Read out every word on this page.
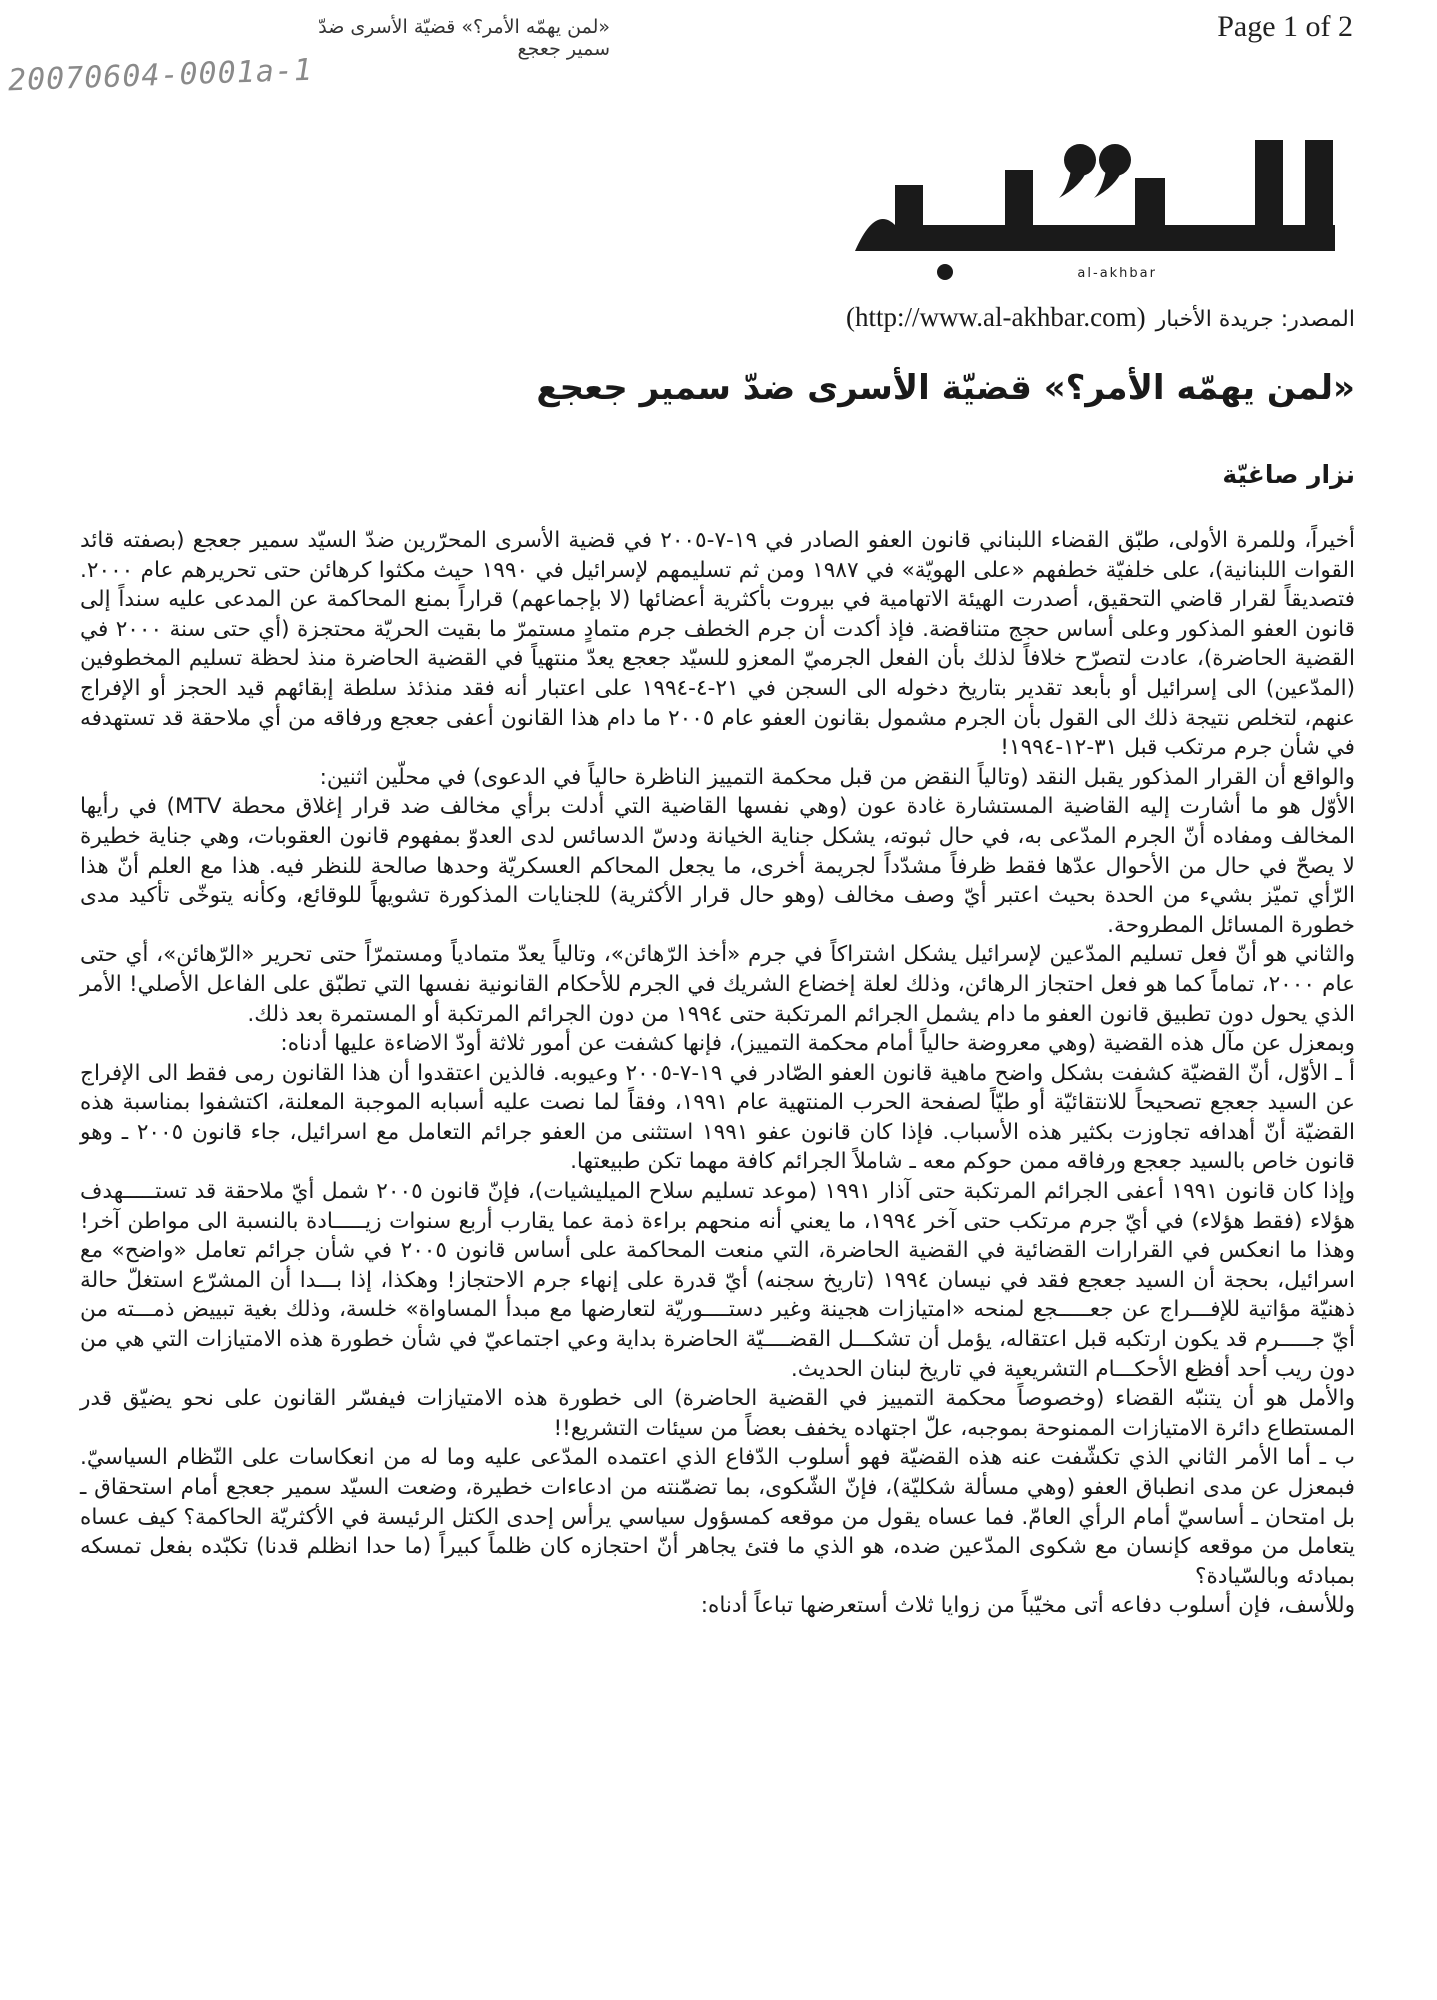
«لمن يهمّه الأمر؟» قضيّة الأسرى ضدّ سمير جعجع
Page 1 of 2
20070604-0001a-1
al-akhbar
المصدر: جريدة الأخبار
(http://www.al-akhbar.com)
«لمن يهمّه الأمر؟» قضيّة الأسرى ضدّ سمير جعجع
نزار صاغيّة

أخيراً، وللمرة الأولى، طبّق القضاء اللبناني قانون العفو الصادر في ١٩-٧-٢٠٠٥ في قضية الأسرى المحرّرين ضدّ السيّد سمير جعجع (بصفته قائد القوات اللبنانية)، على خلفيّة خطفهم «على الهويّة» في ١٩٨٧ ومن ثم تسليمهم لإسرائيل في ١٩٩٠ حيث مكثوا كرهائن حتى تحريرهم عام ٢٠٠٠. فتصديقاً لقرار قاضي التحقيق، أصدرت الهيئة الاتهامية في بيروت بأكثرية أعضائها (لا بإجماعهم) قراراً بمنع المحاكمة عن المدعى عليه سنداً إلى قانون العفو المذكور وعلى أساس حجج متناقضة. فإذ أكدت أن جرم الخطف جرم متمادٍ مستمرّ ما بقيت الحريّة محتجزة (أي حتى سنة ٢٠٠٠ في القضية الحاضرة)، عادت لتصرّح خلافاً لذلك بأن الفعل الجرميّ المعزو للسيّد جعجع يعدّ منتهياً في القضية الحاضرة منذ لحظة تسليم المخطوفين (المدّعين) الى إسرائيل أو بأبعد تقدير بتاريخ دخوله الى السجن في ٢١-٤-١٩٩٤ على اعتبار أنه فقد منذئذ سلطة إبقائهم قيد الحجز أو الإفراج عنهم، لتخلص نتيجة ذلك الى القول بأن الجرم مشمول بقانون العفو عام ٢٠٠٥ ما دام هذا القانون أعفى جعجع ورفاقه من أي ملاحقة قد تستهدفه في شأن جرم مرتكب قبل ٣١-١٢-١٩٩٤!

والواقع أن القرار المذكور يقبل النقد (وتالياً النقض من قبل محكمة التمييز الناظرة حالياً في الدعوى) في محلّين اثنين:

الأوّل هو ما أشارت إليه القاضية المستشارة غادة عون (وهي نفسها القاضية التي أدلت برأي مخالف ضد قرار إغلاق محطة MTV) في رأيها المخالف ومفاده أنّ الجرم المدّعى به، في حال ثبوته، يشكل جناية الخيانة ودسّ الدسائس لدى العدوّ بمفهوم قانون العقوبات، وهي جناية خطيرة لا يصحّ في حال من الأحوال عدّها فقط ظرفاً مشدّداً لجريمة أخرى، ما يجعل المحاكم العسكريّة وحدها صالحة للنظر فيه. هذا مع العلم أنّ هذا الرّأي تميّز بشيء من الحدة بحيث اعتبر أيّ وصف مخالف (وهو حال قرار الأكثرية) للجنايات المذكورة تشويهاً للوقائع، وكأنه يتوخّى تأكيد مدى خطورة المسائل المطروحة.

والثاني هو أنّ فعل تسليم المدّعين لإسرائيل يشكل اشتراكاً في جرم «أخذ الرّهائن»، وتالياً يعدّ متمادياً ومستمرّاً حتى تحرير «الرّهائن»، أي حتى عام ٢٠٠٠، تماماً كما هو فعل احتجاز الرهائن، وذلك لعلة إخضاع الشريك في الجرم للأحكام القانونية نفسها التي تطبّق على الفاعل الأصلي! الأمر الذي يحول دون تطبيق قانون العفو ما دام يشمل الجرائم المرتكبة حتى ١٩٩٤ من دون الجرائم المرتكبة أو المستمرة بعد ذلك.

وبمعزل عن مآل هذه القضية (وهي معروضة حالياً أمام محكمة التمييز)، فإنها كشفت عن أمور ثلاثة أودّ الاضاءة عليها أدناه:

أ ـ الأوّل، أنّ القضيّة كشفت بشكل واضح ماهية قانون العفو الصّادر في ١٩-٧-٢٠٠٥ وعيوبه. فالذين اعتقدوا أن هذا القانون رمى فقط الى الإفراج عن السيد جعجع تصحيحاً للانتقائيّة أو طيّاً لصفحة الحرب المنتهية عام ١٩٩١، وفقاً لما نصت عليه أسبابه الموجبة المعلنة، اكتشفوا بمناسبة هذه القضيّة أنّ أهدافه تجاوزت بكثير هذه الأسباب. فإذا كان قانون عفو ١٩٩١ استثنى من العفو جرائم التعامل مع اسرائيل، جاء قانون ٢٠٠٥ ـ وهو قانون خاص بالسيد جعجع ورفاقه ممن حوكم معه ـ شاملاً الجرائم كافة مهما تكن طبيعتها.

وإذا كان قانون ١٩٩١ أعفى الجرائم المرتكبة حتى آذار ١٩٩١ (موعد تسليم سلاح الميليشيات)، فإنّ قانون ٢٠٠٥ شمل أيّ ملاحقة قد تستـــــهدف هؤلاء (فقط هؤلاء) في أيّ جرم مرتكب حتى آخر ١٩٩٤، ما يعني أنه منحهم براءة ذمة عما يقارب أربع سنوات زيـــــادة بالنسبة الى مواطن آخر! وهذا ما انعكس في القرارات القضائية في القضية الحاضرة، التي منعت المحاكمة على أساس قانون ٢٠٠٥ في شأن جرائم تعامل «واضح» مع اسرائيل، بحجة أن السيد جعجع فقد في نيسان ١٩٩٤ (تاريخ سجنه) أيّ قدرة على إنهاء جرم الاحتجاز! وهكذا، إذا بـــدا أن المشرّع استغلّ حالة ذهنيّة مؤاتية للإفـــراج عن جعـــــجع لمنحه «امتيازات هجينة وغير دستــــوريّة لتعارضها مع مبدأ المساواة» خلسة، وذلك بغية تبييض ذمـــته من أيّ جـــــرم قد يكون ارتكبه قبل اعتقاله، يؤمل أن تشكـــل القضــــيّة الحاضرة بداية وعي اجتماعيّ في شأن خطورة هذه الامتيازات التي هي من دون ريب أحد أفظع الأحكـــام التشريعية في تاريخ لبنان الحديث.

والأمل هو أن يتنبّه القضاء (وخصوصاً محكمة التمييز في القضية الحاضرة) الى خطورة هذه الامتيازات فيفسّر القانون على نحو يضيّق قدر المستطاع دائرة الامتيازات الممنوحة بموجبه، علّ اجتهاده يخفف بعضاً من سيئات التشريع!!

ب ـ أما الأمر الثاني الذي تكشّفت عنه هذه القضيّة فهو أسلوب الدّفاع الذي اعتمده المدّعى عليه وما له من انعكاسات على النّظام السياسيّ. فبمعزل عن مدى انطباق العفو (وهي مسألة شكليّة)، فإنّ الشّكوى، بما تضمّنته من ادعاءات خطيرة، وضعت السيّد سمير جعجع أمام استحقاق ـ بل امتحان ـ أساسيّ أمام الرأي العامّ. فما عساه يقول من موقعه كمسؤول سياسي يرأس إحدى الكتل الرئيسة في الأكثريّة الحاكمة؟ كيف عساه يتعامل من موقعه كإنسان مع شكوى المدّعين ضده، هو الذي ما فتئ يجاهر أنّ احتجازه كان ظلماً كبيراً (ما حدا انظلم قدنا) تكبّده بفعل تمسكه بمبادئه وبالسّيادة؟

وللأسف، فإن أسلوب دفاعه أتى مخيّباً من زوايا ثلاث أستعرضها تباعاً أدناه:
